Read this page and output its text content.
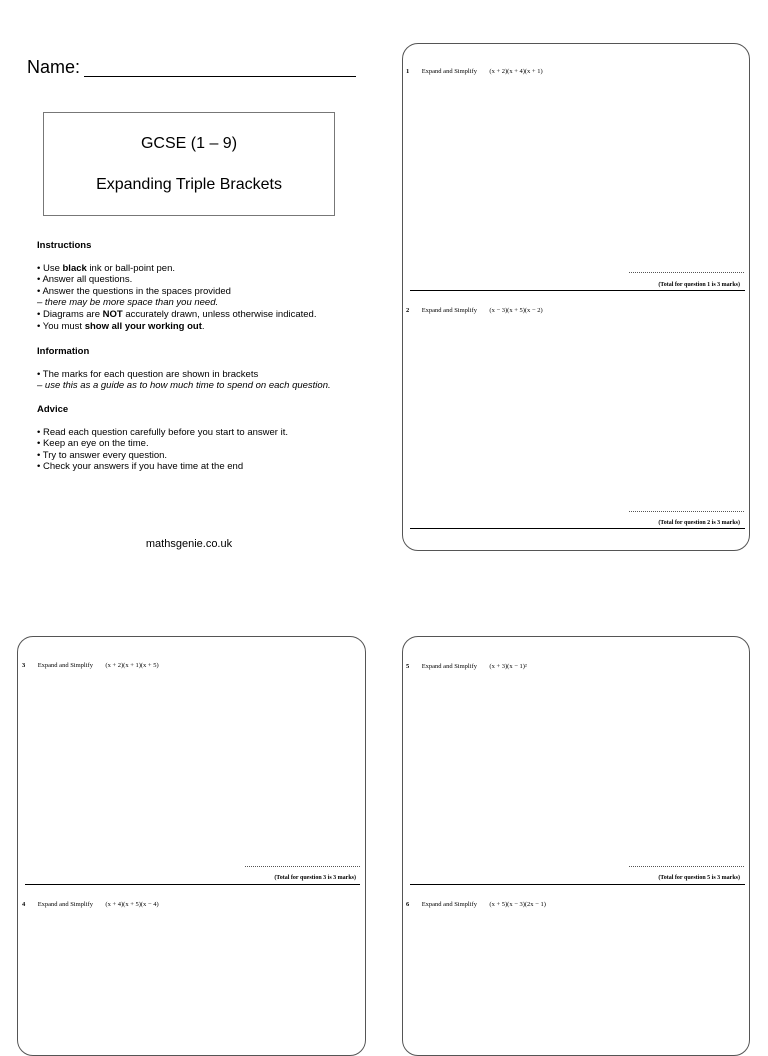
Name:
GCSE (1 – 9)
Expanding Triple Brackets
Instructions
• Use black ink or ball-point pen.
• Answer all questions.
• Answer the questions in the spaces provided
– there may be more space than you need.
• Diagrams are NOT accurately drawn, unless otherwise indicated.
• You must show all your working out.
Information
• The marks for each question are shown in brackets
– use this as a guide as to how much time to spend on each question.
Advice
• Read each question carefully before you start to answer it.
• Keep an eye on the time.
• Try to answer every question.
• Check your answers if you have time at the end
mathsgenie.co.uk
1 Expand and Simplify (x + 2)(x + 4)(x + 1)
(Total for question 1 is 3 marks)
2 Expand and Simplify (x − 3)(x + 5)(x − 2)
(Total for question 2 is 3 marks)
3 Expand and Simplify (x + 2)(x + 1)(x + 5)
(Total for question 3 is 3 marks)
4 Expand and Simplify (x + 4)(x + 5)(x − 4)
5 Expand and Simplify (x + 3)(x − 1)²
(Total for question 5 is 3 marks)
6 Expand and Simplify (x + 5)(x − 3)(2x − 1)
